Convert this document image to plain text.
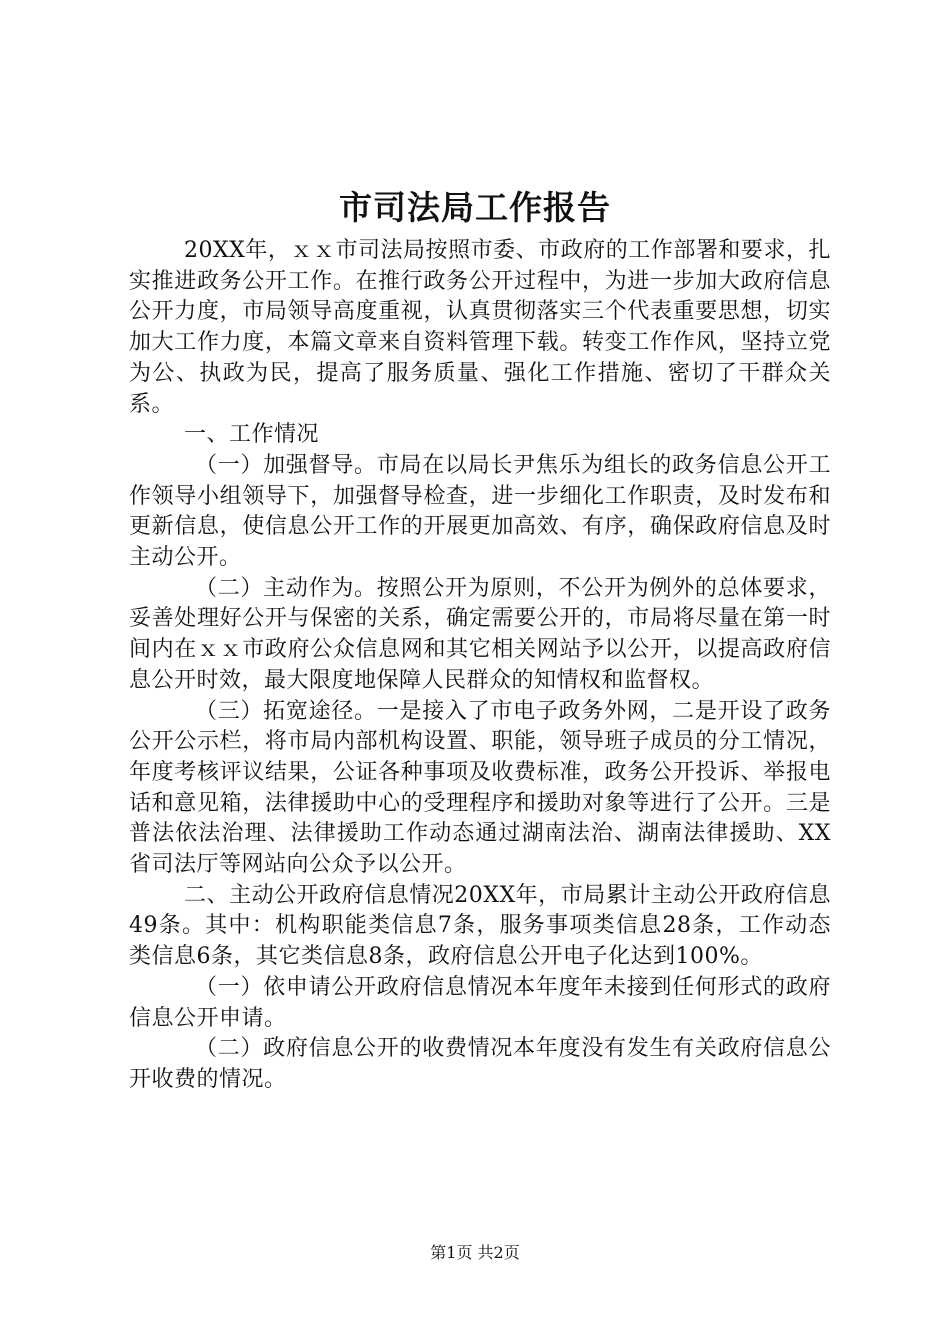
市司法局工作报告

20XX年，ｘｘ市司法局按照市委、市政府的工作部署和要求，扎实推进政务公开工作。在推行政务公开过程中，为进一步加大政府信息公开力度，市局领导高度重视，认真贯彻落实三个代表重要思想，切实加大工作力度，本篇文章来自资料管理下载。转变工作作风，坚持立党为公、执政为民，提高了服务质量、强化工作措施、密切了干群众关系。

一、工作情况

（一）加强督导。市局在以局长尹焦乐为组长的政务信息公开工作领导小组领导下，加强督导检查，进一步细化工作职责，及时发布和更新信息，使信息公开工作的开展更加高效、有序，确保政府信息及时主动公开。

（二）主动作为。按照公开为原则，不公开为例外的总体要求，妥善处理好公开与保密的关系，确定需要公开的，市局将尽量在第一时间内在ｘｘ市政府公众信息网和其它相关网站予以公开，以提高政府信息公开时效，最大限度地保障人民群众的知情权和监督权。

（三）拓宽途径。一是接入了市电子政务外网，二是开设了政务公开公示栏，将市局内部机构设置、职能，领导班子成员的分工情况，年度考核评议结果，公证各种事项及收费标准，政务公开投诉、举报电话和意见箱，法律援助中心的受理程序和援助对象等进行了公开。三是普法依法治理、法律援助工作动态通过湖南法治、湖南法律援助、XX省司法厅等网站向公众予以公开。

二、主动公开政府信息情况20XX年，市局累计主动公开政府信息49条。其中：机构职能类信息7条，服务事项类信息28条，工作动态类信息6条，其它类信息8条，政府信息公开电子化达到100%。

（一）依申请公开政府信息情况本年度年未接到任何形式的政府信息公开申请。

（二）政府信息公开的收费情况本年度没有发生有关政府信息公开收费的情况。

第1页 共2页
